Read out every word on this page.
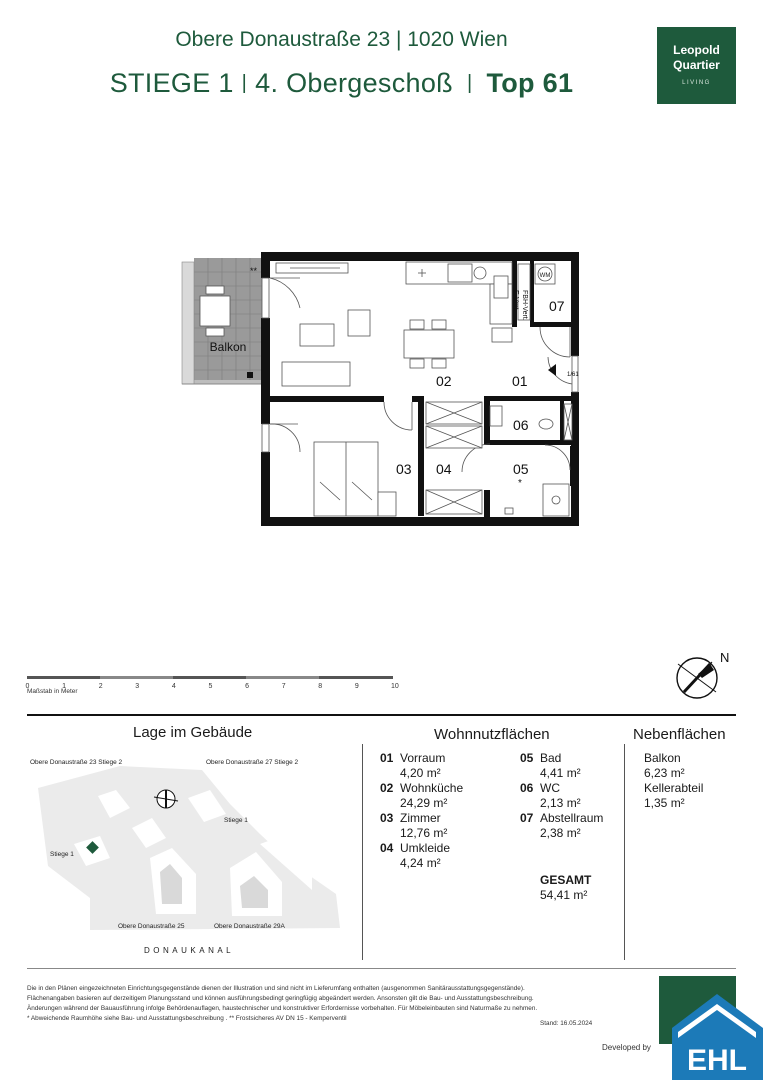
Obere Donaustraße 23 | 1020 Wien
STIEGE 1 | 4. Obergeschoß | Top 61
Leopold
Quartier
LIVING
Balkon
**	WM
FBH-Vert.
E-Vert.
1/61
01
02
03 04	05
06
07
*
0	1	2	3	4	5	6	7	8	9	10
Maßstab in Meter
N
Lage im Gebäude
Obere Donaustraße 23 Stiege 2	Obere Donaustraße 27 Stiege 2
Stiege 1
Stiege 1
Obere Donaustraße 25	Obere Donaustraße 29A
DONAUKANAL
Wohnnutzflächen
01 Vorraum
4,20 m²
02 Wohnküche
24,29 m²
03 Zimmer
12,76 m²
04 Umkleide
4,24 m²
05 Bad
4,41 m²
06 WC
2,13 m²
07 Abstellraum
2,38 m²
GESAMT
54,41 m²
Nebenflächen
Balkon
6,23 m²
Kellerabteil
1,35 m²
Die in den Plänen eingezeichneten Einrichtungsgegenstände dienen der Illustration und sind nicht im Lieferumfang enthalten (ausgenommen Sanitärausstattungsgegenstände).
Flächenangaben basieren auf derzeitigem Planungsstand und können ausführungsbedingt geringfügig abgeändert werden. Ansonsten gilt die Bau- und Ausstattungsbeschreibung.
Änderungen während der Bauausführung infolge Behördenauflagen, haustechnischer und konstruktiver Erfordernisse vorbehalten. Für Möbeleinbauten sind Naturmaße zu nehmen.
* Abweichende Raumhöhe siehe Bau- und Ausstattungsbeschreibung . ** Frostsicheres AV DN 15 - Kemperventil
Stand: 16.05.2024
Developed by EHL
